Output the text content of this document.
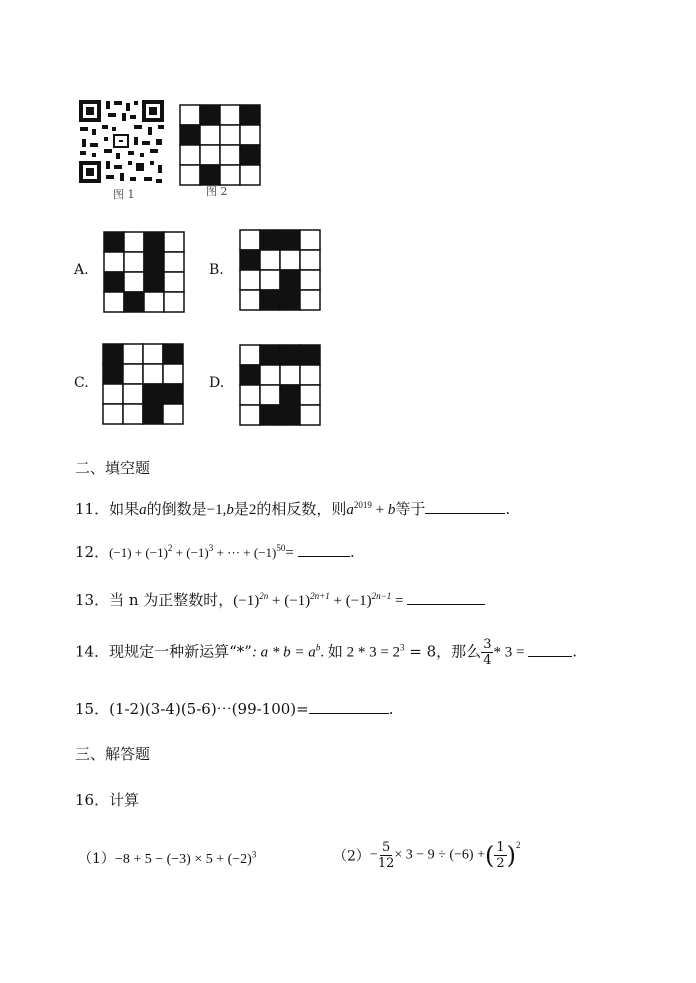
图 1	图 2
A.	B.
C.	D.
二、填空题
11．如果a的倒数是−1,b是2的相反数，则$a^{2019} + b$等于	.
12．$(-1) + (-1)^2 + (-1)^3$ + ··· + $(-1)^{50}=$	.
13．当 n 为正整数时，$(-1)^{2n} + (-1)^{2n+1} + (-1)^{2n-1}$ =
14．现规定一种新运算“*”: $a * b = a^b$. 如 $2 * 3 = 2^3 = 8$，那么 $\frac{3}{4} * 3$ =	.
15．(1-2)(3-4)(5-6)⋯(99-100)=	.
三、解答题
16．计算
$(1)-8 + 5 - (-3) \times 5 + (-2)^3$	$(2)- \frac{5}{12} \times 3 - 9 \div (-6)$ +( $\frac{1}{2} )^2$
